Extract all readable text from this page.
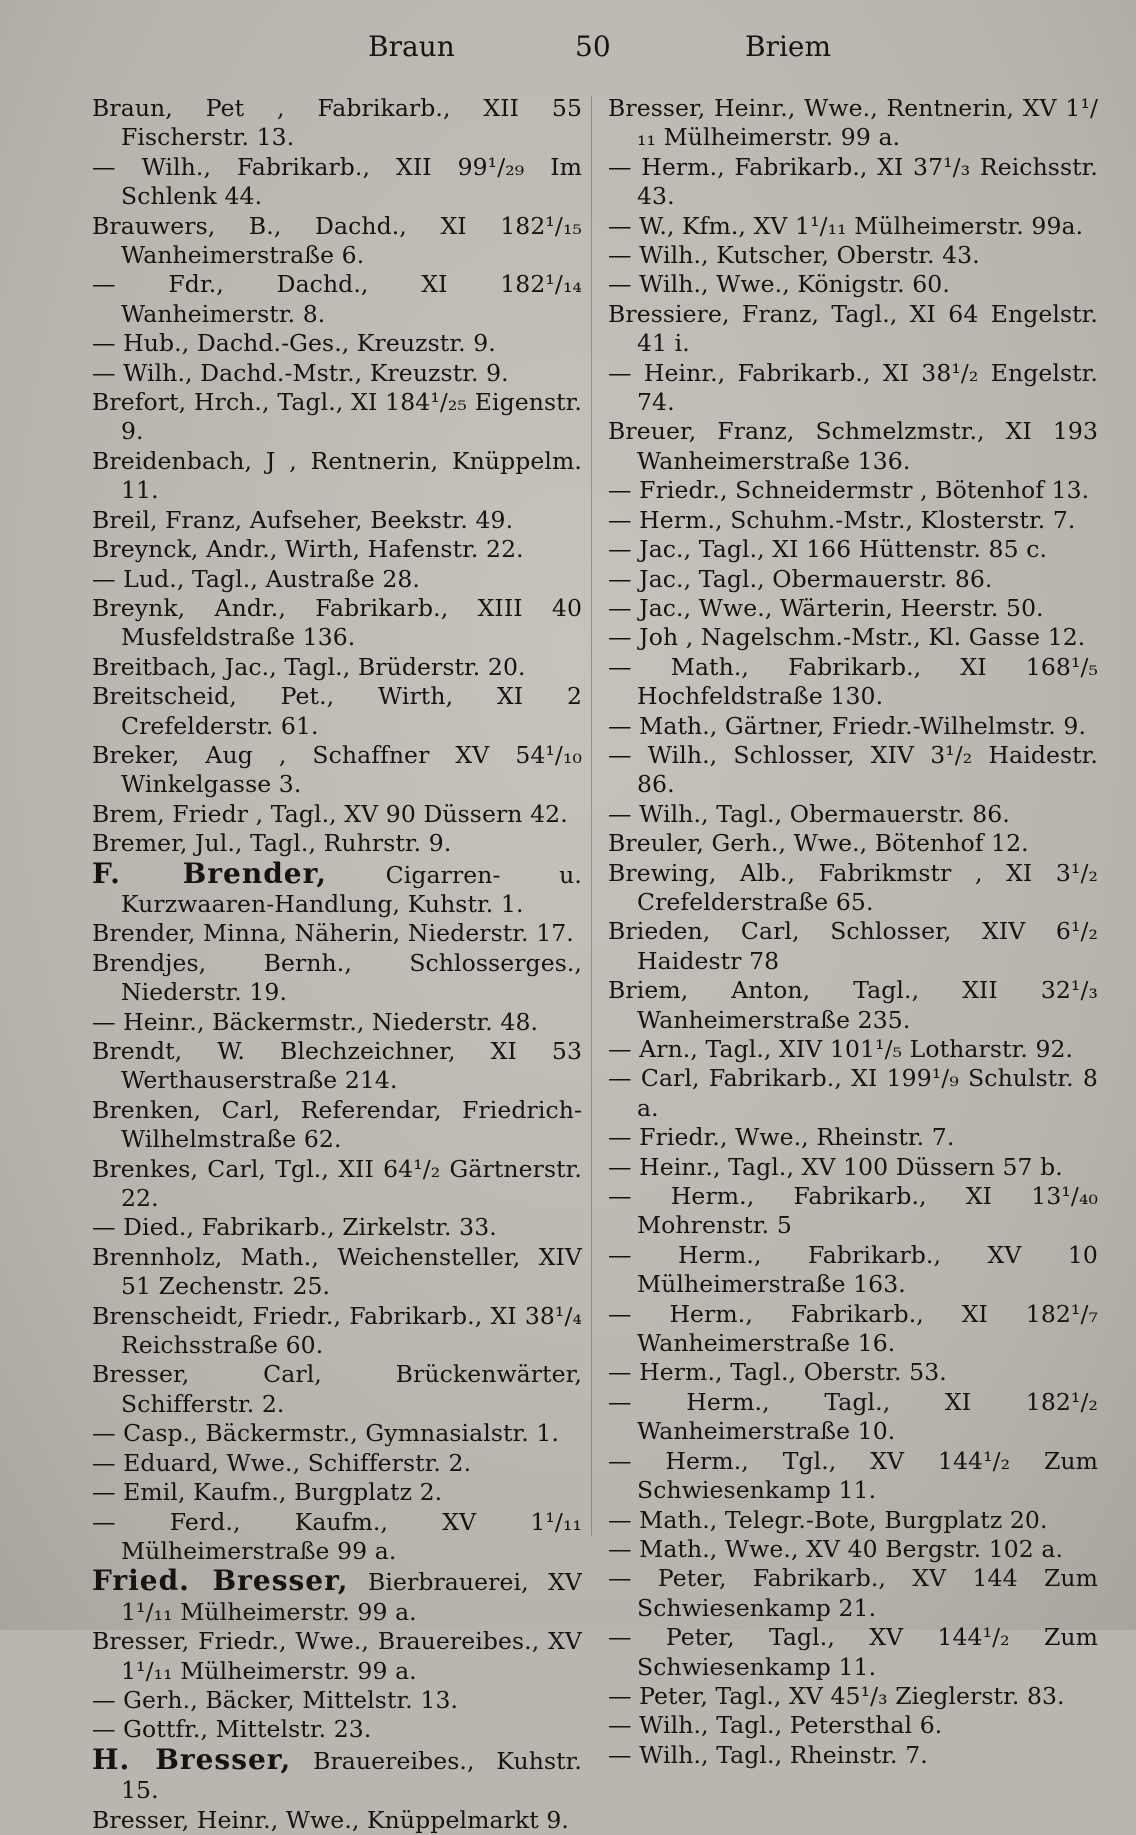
Braun	50	Briem

Braun, Pet , Fabrikarb., XII 55 Fischerstr. 13.

— Wilh., Fabrikarb., XII 99¹/₂₉ Im Schlenk 44.

Brauwers, B., Dachd., XI 182¹/₁₅ Wanheimerstraße 6.

— Fdr., Dachd., XI 182¹/₁₄ Wanheimerstr. 8.

— Hub., Dachd.-Ges., Kreuzstr. 9.

— Wilh., Dachd.-Mstr., Kreuzstr. 9.

Brefort, Hrch., Tagl., XI 184¹/₂₅ Eigenstr. 9.

Breidenbach, J , Rentnerin, Knüppelm. 11.

Breil, Franz, Aufseher, Beekstr. 49.

Breynck, Andr., Wirth, Hafenstr. 22.

— Lud., Tagl., Austraße 28.

Breynk, Andr., Fabrikarb., XIII 40 Musfeldstraße 136.

Breitbach, Jac., Tagl., Brüderstr. 20.

Breitscheid, Pet., Wirth, XI 2 Crefelderstr. 61.

Breker, Aug , Schaffner XV 54¹/₁₀ Winkelgasse 3.

Brem, Friedr , Tagl., XV 90 Düssern 42.

Bremer, Jul., Tagl., Ruhrstr. 9.

F. Brender, Cigarren- u. Kurzwaaren-Handlung, Kuhstr. 1.

Brender, Minna, Näherin, Niederstr. 17.

Brendjes, Bernh., Schlosserges., Niederstr. 19.

— Heinr., Bäckermstr., Niederstr. 48.

Brendt, W. Blechzeichner, XI 53 Werthauserstraße 214.

Brenken, Carl, Referendar, Friedrich-Wilhelmstraße 62.

Brenkes, Carl, Tgl., XII 64¹/₂ Gärtnerstr. 22.

— Died., Fabrikarb., Zirkelstr. 33.

Brennholz, Math., Weichensteller, XIV 51 Zechenstr. 25.

Brenscheidt, Friedr., Fabrikarb., XI 38¹/₄ Reichsstraße 60.

Bresser, Carl, Brückenwärter, Schifferstr. 2.

— Casp., Bäckermstr., Gymnasialstr. 1.

— Eduard, Wwe., Schifferstr. 2.

— Emil, Kaufm., Burgplatz 2.

— Ferd., Kaufm., XV 1¹/₁₁ Mülheimerstraße 99 a.

Fried. Bresser, Bierbrauerei, XV 1¹/₁₁ Mülheimerstr. 99 a.

Bresser, Friedr., Wwe., Brauereibes., XV 1¹/₁₁ Mülheimerstr. 99 a.

— Gerh., Bäcker, Mittelstr. 13.

— Gottfr., Mittelstr. 23.

H. Bresser, Brauereibes., Kuhstr. 15.

Bresser, Heinr., Wwe., Knüppelmarkt 9.

Bresser, Heinr., Wwe., Rentnerin, XV 1¹/₁₁ Mülheimerstr. 99 a.

— Herm., Fabrikarb., XI 37¹/₃ Reichsstr. 43.

— W., Kfm., XV 1¹/₁₁ Mülheimerstr. 99a.

— Wilh., Kutscher, Oberstr. 43.

— Wilh., Wwe., Königstr. 60.

Bressiere, Franz, Tagl., XI 64 Engelstr. 41 i.

— Heinr., Fabrikarb., XI 38¹/₂ Engelstr. 74.

Breuer, Franz, Schmelzmstr., XI 193 Wanheimerstraße 136.

— Friedr., Schneidermstr , Bötenhof 13.

— Herm., Schuhm.-Mstr., Klosterstr. 7.

— Jac., Tagl., XI 166 Hüttenstr. 85 c.

— Jac., Tagl., Obermauerstr. 86.

— Jac., Wwe., Wärterin, Heerstr. 50.

— Joh , Nagelschm.-Mstr., Kl. Gasse 12.

— Math., Fabrikarb., XI 168¹/₅ Hochfeldstraße 130.

— Math., Gärtner, Friedr.-Wilhelmstr. 9.

— Wilh., Schlosser, XIV 3¹/₂ Haidestr. 86.

— Wilh., Tagl., Obermauerstr. 86.

Breuler, Gerh., Wwe., Bötenhof 12.

Brewing, Alb., Fabrikmstr , XI 3¹/₂ Crefelderstraße 65.

Brieden, Carl, Schlosser, XIV 6¹/₂ Haidestr 78

Briem, Anton, Tagl., XII 32¹/₃ Wanheimerstraße 235.

— Arn., Tagl., XIV 101¹/₅ Lotharstr. 92.

— Carl, Fabrikarb., XI 199¹/₉ Schulstr. 8 a.

— Friedr., Wwe., Rheinstr. 7.

— Heinr., Tagl., XV 100 Düssern 57 b.

— Herm., Fabrikarb., XI 13¹/₄₀ Mohrenstr. 5

— Herm., Fabrikarb., XV 10 Mülheimerstraße 163.

— Herm., Fabrikarb., XI 182¹/₇ Wanheimerstraße 16.

— Herm., Tagl., Oberstr. 53.

— Herm., Tagl., XI 182¹/₂ Wanheimerstraße 10.

— Herm., Tgl., XV 144¹/₂ Zum Schwiesenkamp 11.

— Math., Telegr.-Bote, Burgplatz 20.

— Math., Wwe., XV 40 Bergstr. 102 a.

— Peter, Fabrikarb., XV 144 Zum Schwiesenkamp 21.

— Peter, Tagl., XV 144¹/₂ Zum Schwiesenkamp 11.

— Peter, Tagl., XV 45¹/₃ Zieglerstr. 83.

— Wilh., Tagl., Petersthal 6.

— Wilh., Tagl., Rheinstr. 7.
